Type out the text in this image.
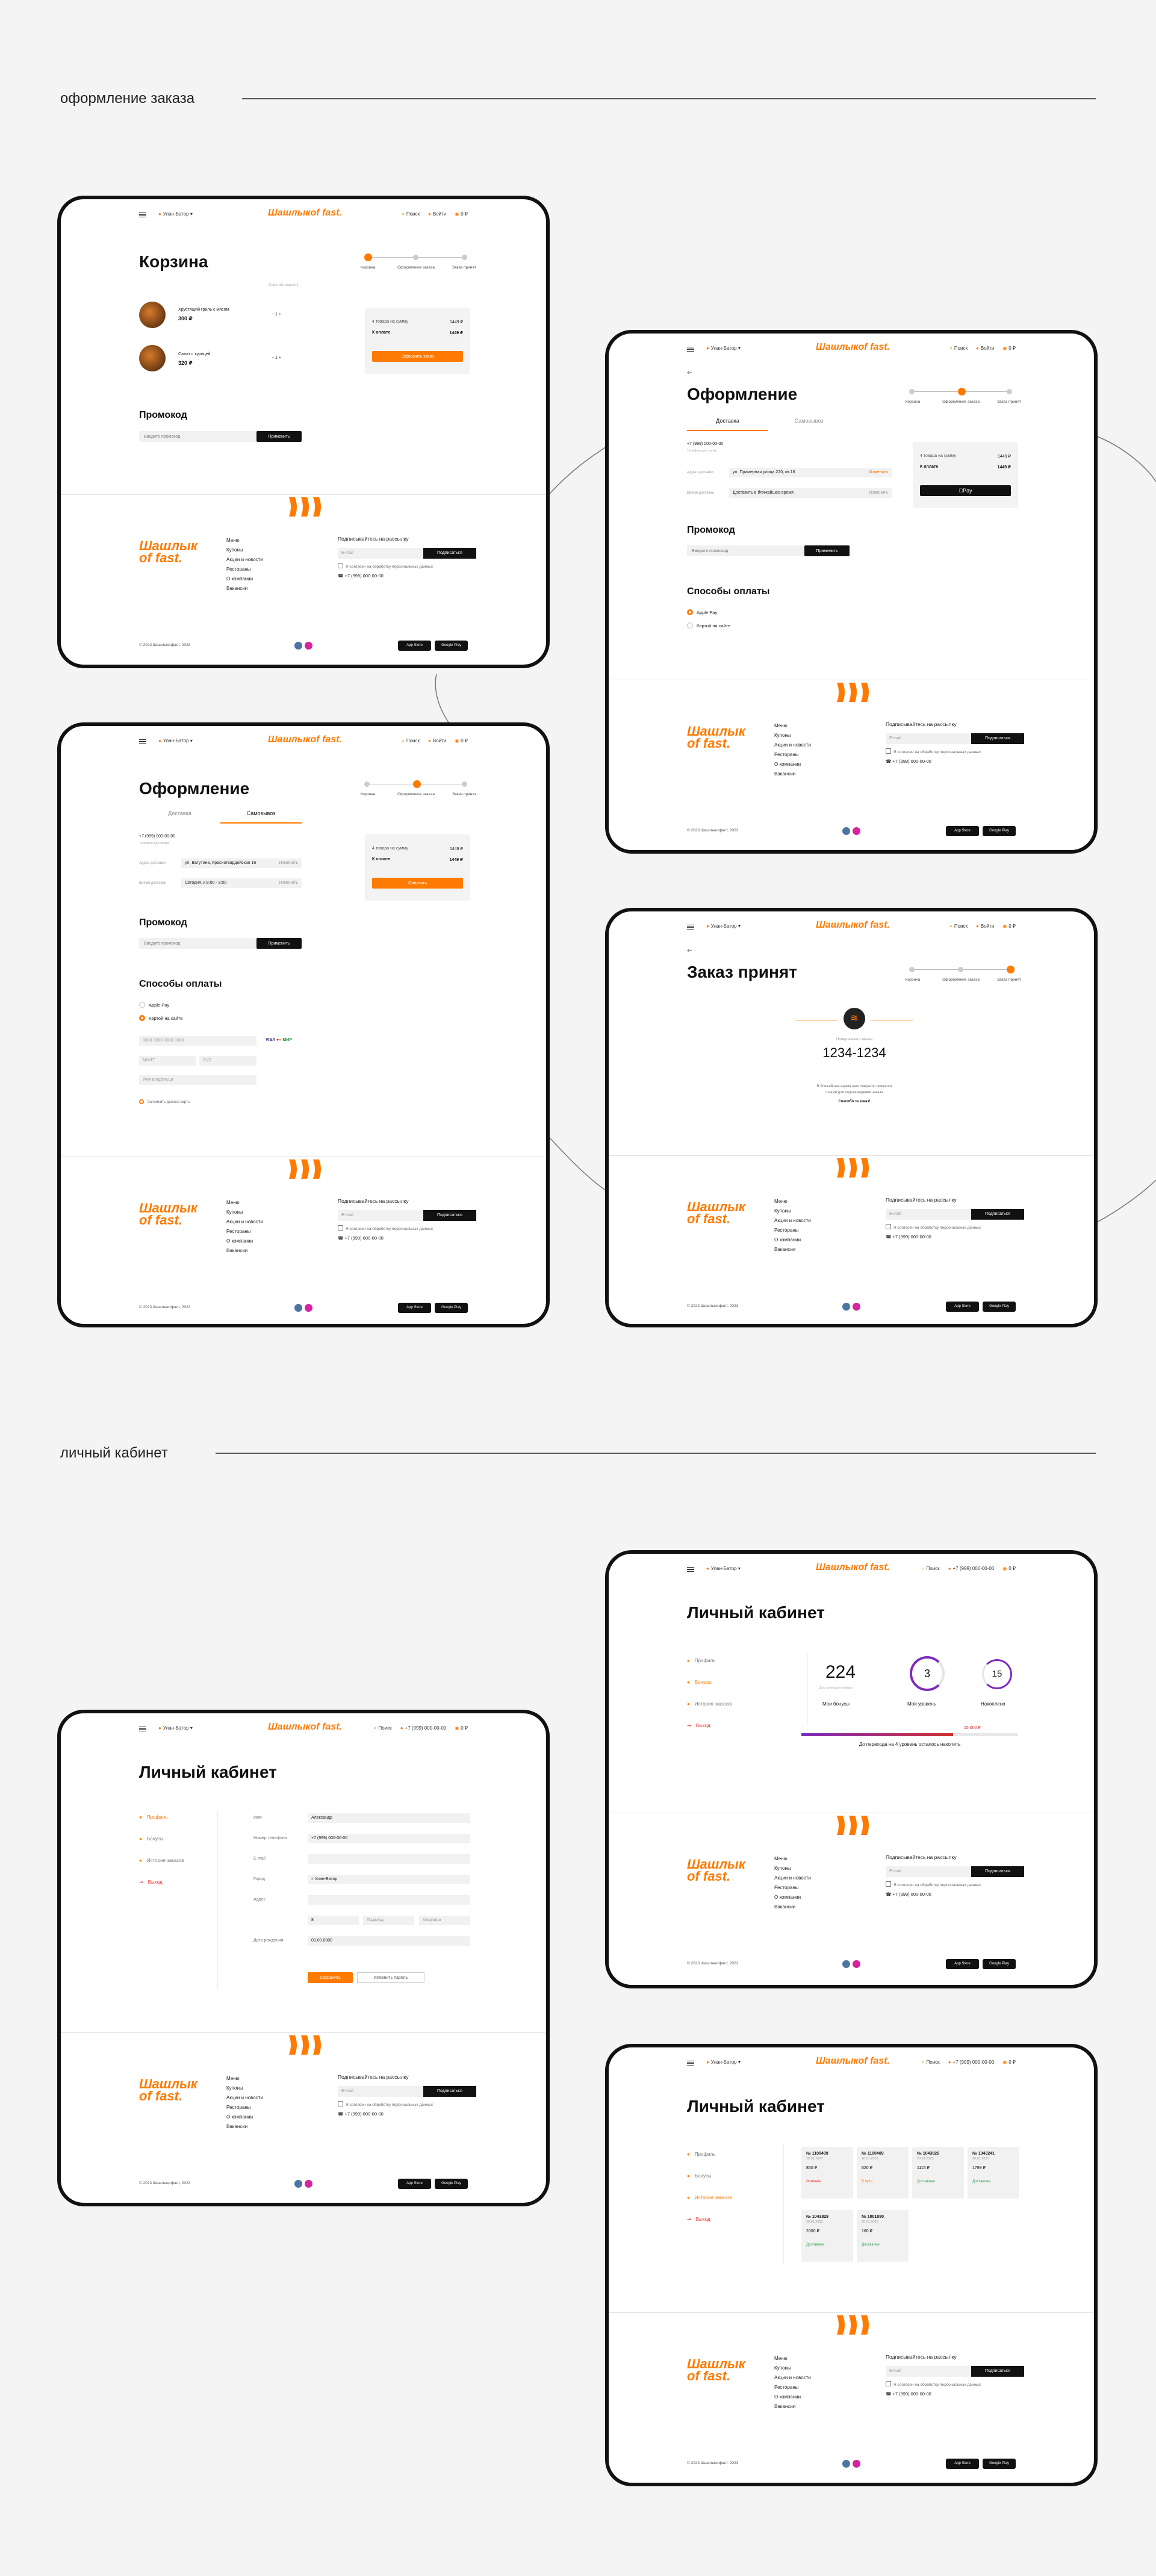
оформление заказа
личный кабинет
● Улан-Батор ▾	Шашлыкof fast.	⌕ Поиск ● Войти ◉ 0 ₽
Корзина	Корзина	Оформление заказа	Заказ принят
Очистить корзину
Хрустящий гриль с мясом
300 ₽
− 1 +
Салат с курицей
320 ₽
− 1 +
4 товара на сумму	1449 ₽
К оплате	1449 ₽
Оформить заказ
Промокод
Введите промокод
Применить
Шашлык
of fast.
Меню
Купоны
Акции и новости
Рестораны
О компании
Вакансии
Подписывайтесь на рассылку
E-mail	Подписаться
Я согласен на обработку персональных данных
☎ +7 (999) 000-00-00
© 2023 Шашлыкофаст, 2023	App Store	Google Play
● Улан-Батор ▾	Шашлыкof fast.	⌕ Поиск ● Войти ◉ 0 ₽
⇐
Оформление	Корзина	Оформление заказа	Заказ принят
Доставка	Самовывоз
+7 (999) 000-00-00
Телефон для связи
Адрес доставки	ул. Примерная улица 220, кв.16	Изменить
Время доставки	Доставить в ближайшее время	Изменить
4 товара на сумму	1449 ₽
К оплате	1449 ₽
Pay
Промокод
Введите промокод
Применить
Способы оплаты
Apple Pay
Картой на сайте
Шашлык
of fast.
Меню
Купоны
Акции и новости
Рестораны
О компании
Вакансии
Подписывайтесь на рассылку
E-mail	Подписаться
Я согласен на обработку персональных данных
☎ +7 (999) 000-00-00
© 2023 Шашлыкофаст, 2023	App Store	Google Play
● Улан-Батор ▾	Шашлыкof fast.	⌕ Поиск ● Войти ◉ 0 ₽
Оформление	Корзина	Оформление заказа	Заказ принят
Доставка	Самовывоз
+7 (999) 000-00-00
Телефон для связи
Адрес доставки	ул. Ватутина, Красногвардейская 16	Изменить
Время доставки	Сегодня, к 8:00 - 9:00	Изменить
4 товара на сумму	1449 ₽
К оплате	1449 ₽
Оплатить
Промокод
Введите промокод
Применить
Способы оплаты
Apple Pay
Картой на сайте
0000 0000 0000 0000	VISA ●● МИР
ММ/ГГ	CVC
Имя владельца
Запомнить данные карты
Шашлык
of fast.
Меню
Купоны
Акции и новости
Рестораны
О компании
Вакансии
Подписывайтесь на рассылку
E-mail	Подписаться
Я согласен на обработку персональных данных
☎ +7 (999) 000-00-00
© 2023 Шашлыкофаст, 2023	App Store	Google Play
● Улан-Батор ▾	Шашлыкof fast.	⌕ Поиск ● Войти ◉ 0 ₽
⇐
Заказ принят	Корзина	Оформление заказа	Заказ принят
≋
Номер вашего заказа
1234-1234
В ближайшее время наш оператор свяжется
с вами для подтверждения заказа
Спасибо за заказ!
Шашлык
of fast.
Меню
Купоны
Акции и новости
Рестораны
О компании
Вакансии
Подписывайтесь на рассылку
E-mail	Подписаться
Я согласен на обработку персональных данных
☎ +7 (999) 000-00-00
© 2023 Шашлыкофаст, 2023	App Store	Google Play
● Улан-Батор ▾	Шашлыкof fast.	⌕ Поиск ● +7 (999) 000-00-00 ◉ 0 ₽
Личный кабинет
● Профиль
● Бонусы
● История заказов
⇥ Выход
224
Доступно для оплаты
Мои бонусы
3
Мой уровень
15
Накоплено
15 000 ₽
До перехода на 4 уровень осталось накопить
Шашлык
of fast.
Меню
Купоны
Акции и новости
Рестораны
О компании
Вакансии
Подписывайтесь на рассылку
E-mail	Подписаться
Я согласен на обработку персональных данных
☎ +7 (999) 000-00-00
© 2023 Шашлыкофаст, 2023	App Store	Google Play
● Улан-Батор ▾	Шашлыкof fast.	⌕ Поиск ● +7 (999) 000-00-00 ◉ 0 ₽
Личный кабинет
● Профиль
● Бонусы
● История заказов
⇥ Выход
Имя	Александр
Номер телефона	+7 (999) 000-00-00
E-mail
Город	⌕ Улан-Батор
Адрес
8	Подъезд	Квартира
Дата рождения	00.00.0000
Сохранить	Изменить пароль
Шашлык
of fast.
Меню
Купоны
Акции и новости
Рестораны
О компании
Вакансии
Подписывайтесь на рассылку
E-mail	Подписаться
Я согласен на обработку персональных данных
☎ +7 (999) 000-00-00
© 2023 Шашлыкофаст, 2023	App Store	Google Play
● Улан-Батор ▾	Шашлыкof fast.	⌕ Поиск ● +7 (999) 000-00-00 ◉ 0 ₽
Личный кабинет
● Профиль
● Бонусы
● История заказов
⇥ Выход
№ 1100409
20.01.2023
850 ₽
Отменён
№ 1100409
20.01.2023
620 ₽
В пути
№ 1043826
20.01.2023
1115 ₽
Доставлен
№ 1043241
20.01.2023
1799 ₽
Доставлен
№ 1043829
20.01.2023
2000 ₽
Доставлен
№ 1001080
20.01.2023
160 ₽
Доставлен
Шашлык
of fast.
Меню
Купоны
Акции и новости
Рестораны
О компании
Вакансии
Подписывайтесь на рассылку
E-mail	Подписаться
Я согласен на обработку персональных данных
☎ +7 (999) 000-00-00
© 2023 Шашлыкофаст, 2023	App Store	Google Play
